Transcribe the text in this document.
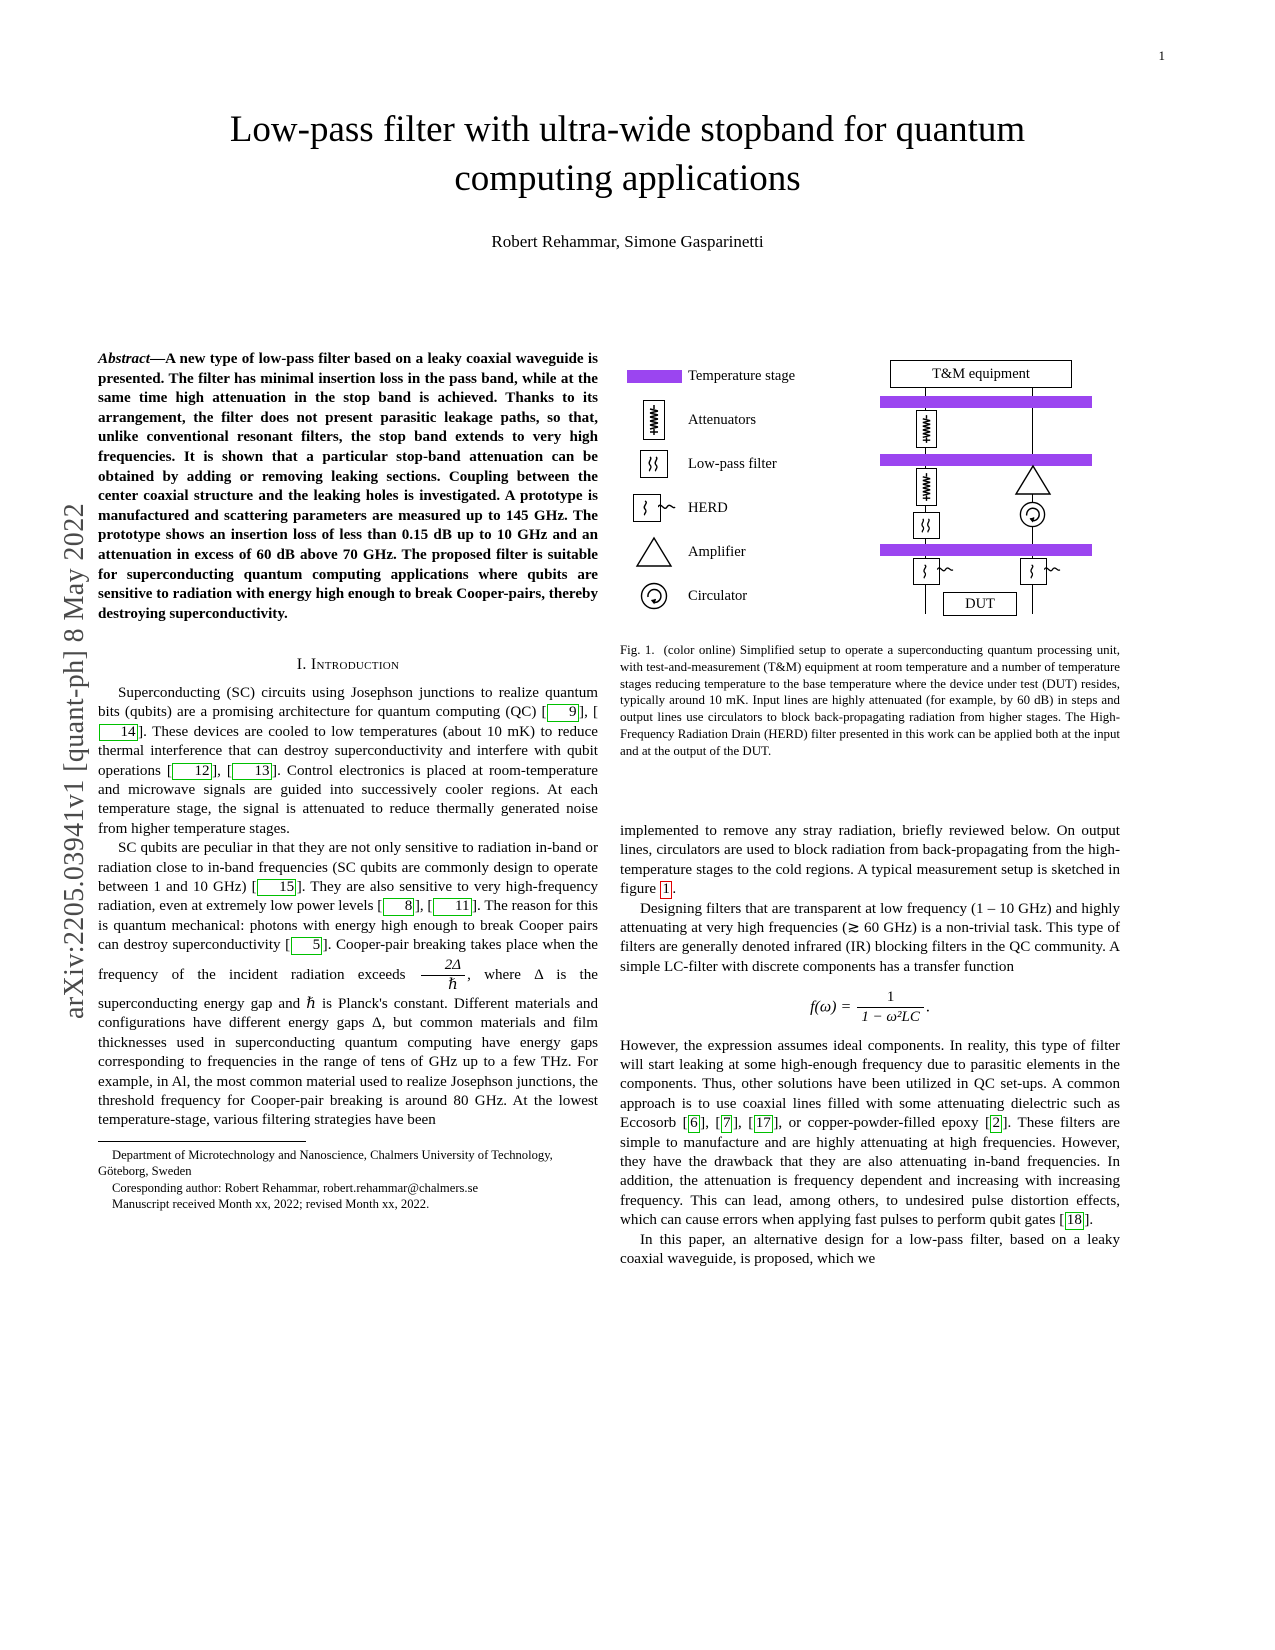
1
arXiv:2205.03941v1 [quant-ph] 8 May 2022
Low-pass filter with ultra-wide stopband for quantum computing applications
Robert Rehammar, Simone Gasparinetti
Abstract—A new type of low-pass filter based on a leaky coaxial waveguide is presented. The filter has minimal insertion loss in the pass band, while at the same time high attenuation in the stop band is achieved. Thanks to its arrangement, the filter does not present parasitic leakage paths, so that, unlike conventional resonant filters, the stop band extends to very high frequencies. It is shown that a particular stop-band attenuation can be obtained by adding or removing leaking sections. Coupling between the center coaxial structure and the leaking holes is investigated. A prototype is manufactured and scattering parameters are measured up to 145 GHz. The prototype shows an insertion loss of less than 0.15 dB up to 10 GHz and an attenuation in excess of 60 dB above 70 GHz. The proposed filter is suitable for superconducting quantum computing applications where qubits are sensitive to radiation with energy high enough to break Cooper-pairs, thereby destroying superconductivity.
I. Introduction

Superconducting (SC) circuits using Josephson junctions to realize quantum bits (qubits) are a promising architecture for quantum computing (QC) [ 9 ], [14 ]. These devices are cooled to low temperatures (about 10 mK) to reduce thermal interference that can destroy superconductivity and interfere with qubit operations [ 12 ], [ 13 ]. Control electronics is placed at room-temperature and microwave signals are guided into successively cooler regions. At each temperature stage, the signal is attenuated to reduce thermally generated noise from higher temperature stages.

SC qubits are peculiar in that they are not only sensitive to radiation in-band or radiation close to in-band frequencies (SC qubits are commonly design to operate between 1 and 10 GHz) [ 15 ]. They are also sensitive to very high-frequency radiation, even at extremely low power levels [ 8 ], [ 11 ]. The reason for this is quantum mechanical: photons with energy high enough to break Cooper pairs can destroy superconductivity [ 5 ]. Cooper-pair breaking takes place when the frequency of the incident radiation exceeds $\frac{2\Delta}{\text{ℏ}}$ , where Δ is the superconducting energy gap and ℏ is Planck's constant. Different materials and configurations have different energy gaps Δ, but common materials and film thicknesses used in superconducting quantum computing have energy gaps corresponding to frequencies in the range of tens of GHz up to a few THz. For example, in Al, the most common material used to realize Josephson junctions, the threshold frequency for Cooper-pair breaking is around 80 GHz. At the lowest temperature-stage, various filtering strategies have been

Department of Microtechnology and Nanoscience, Chalmers University of Technology, Göteborg, Sweden

Coresponding author: Robert Rehammar, robert.rehammar@chalmers.se

Manuscript received Month xx, 2022; revised Month xx, 2022.

Temperature stage
Attenuators
Low-pass filter
HERD
Amplifier
Circulator
T&M equipment
DUT
Fig. 1. (color online) Simplified setup to operate a superconducting quantum processing unit, with test-and-measurement (T&M) equipment at room temperature and a number of temperature stages reducing temperature to the base temperature where the device under test (DUT) resides, typically around 10 mK. Input lines are highly attenuated (for example, by 60 dB) in steps and output lines use circulators to block back-propagating radiation from higher stages. The High-Frequency Radiation Drain (HERD) filter presented in this work can be applied both at the input and at the output of the DUT.

implemented to remove any stray radiation, briefly reviewed below. On output lines, circulators are used to block radiation from back-propagating from the high-temperature stages to the cold regions. A typical measurement setup is sketched in figure 1 .

Designing filters that are transparent at low frequency (1 – 10 GHz) and highly attenuating at very high frequencies (≳ 60 GHz) is a non-trivial task. This type of filters are generally denoted infrared (IR) blocking filters in the QC community. A simple LC-filter with discrete components has a transfer function

$f(\omega) = \frac{1}{\text{1 − ω²LC}}$ .

However, the expression assumes ideal components. In reality, this type of filter will start leaking at some high-enough frequency due to parasitic elements in the components. Thus, other solutions have been utilized in QC set-ups. A common approach is to use coaxial lines filled with some attenuating dielectric such as Eccosorb [ 6 ], [ 7 ], [ 17 ], or copper-powder-filled epoxy [ 2 ]. These filters are simple to manufacture and are highly attenuating at high frequencies. However, they have the drawback that they are also attenuating in-band frequencies. In addition, the attenuation is frequency dependent and increasing with increasing frequency. This can lead, among others, to undesired pulse distortion effects, which can cause errors when applying fast pulses to perform qubit gates [ 18 ].

In this paper, an alternative design for a low-pass filter, based on a leaky coaxial waveguide, is proposed, which we
